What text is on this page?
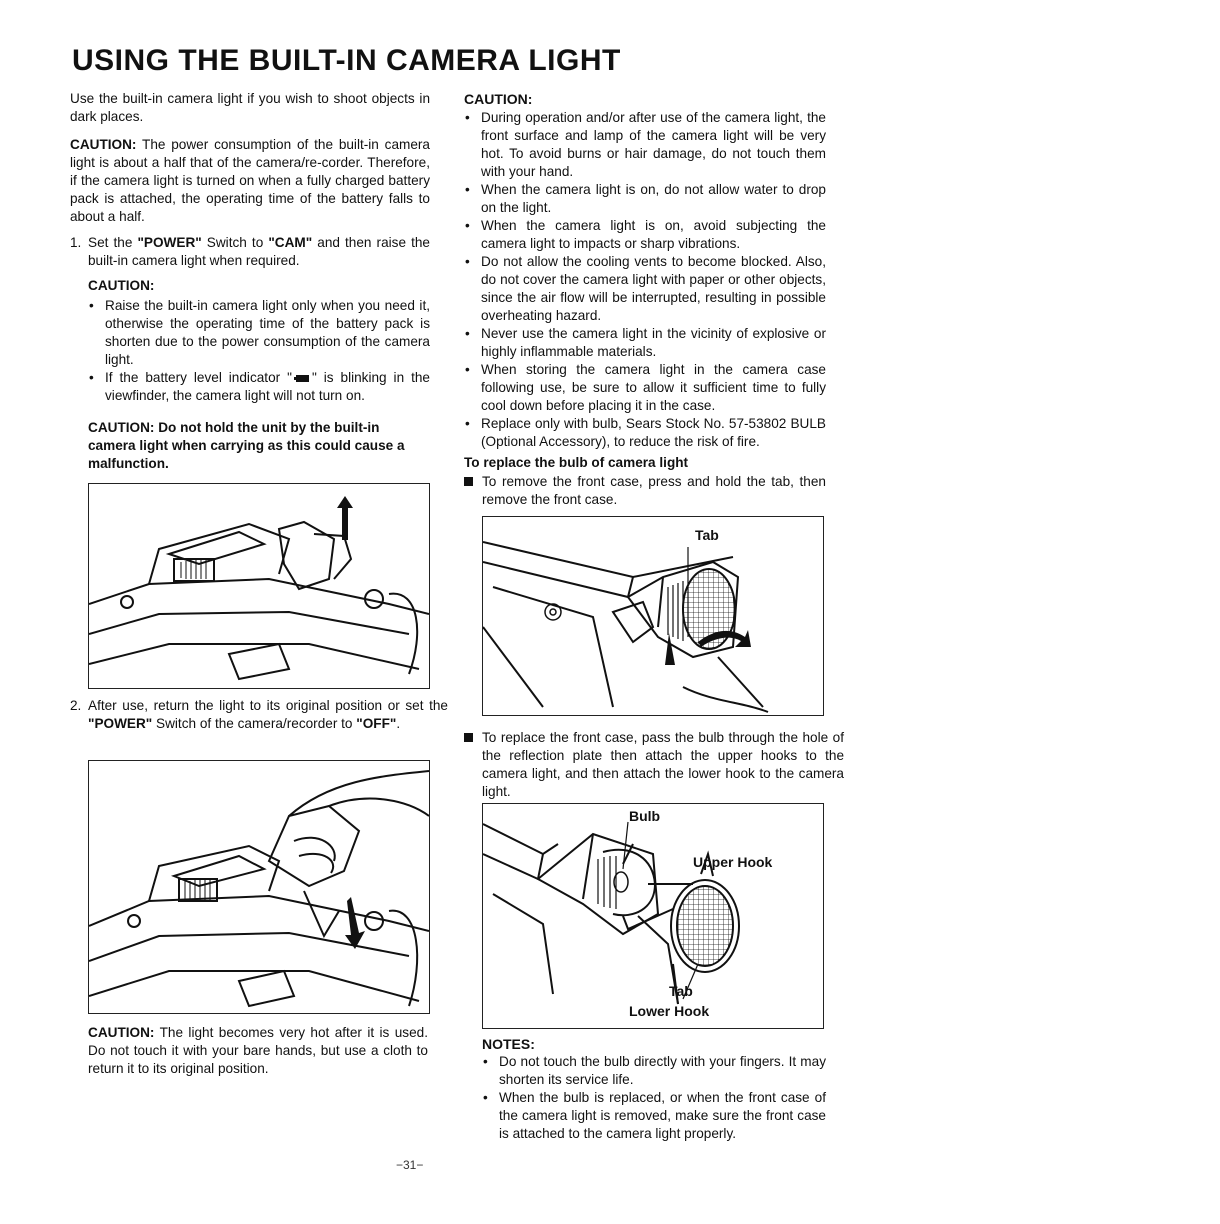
USING THE BUILT-IN CAMERA LIGHT

Use the built-in camera light if you wish to shoot objects in dark places.

CAUTION: The power consumption of the built-in camera light is about a half that of the camera/re-corder. Therefore, if the camera light is turned on when a fully charged battery pack is attached, the operating time of the battery falls to about a half.

1. Set the "POWER" Switch to "CAM" and then raise the built-in camera light when required.
CAUTION:
• Raise the built-in camera light only when you need it, otherwise the operating time of the battery pack is shorten due to the power consumption of the camera light.
• If the battery level indicator " " is blinking in the viewfinder, the camera light will not turn on.
CAUTION: Do not hold the unit by the built-in camera light when carrying as this could cause a malfunction.
2. After use, return the light to its original position or set the "POWER" Switch of the camera/recorder to "OFF".

CAUTION: The light becomes very hot after it is used. Do not touch it with your bare hands, but use a cloth to return it to its original position.

CAUTION:
• During operation and/or after use of the camera light, the front surface and lamp of the camera light will be very hot. To avoid burns or hair damage, do not touch them with your hand.
• When the camera light is on, do not allow water to drop on the light.
• When the camera light is on, avoid subjecting the camera light to impacts or sharp vibrations.
• Do not allow the cooling vents to become blocked. Also, do not cover the camera light with paper or other objects, since the air flow will be interrupted, resulting in possible overheating hazard.
• Never use the camera light in the vicinity of explosive or highly inflammable materials.
• When storing the camera light in the camera case following use, be sure to allow it sufficient time to fully cool down before placing it in the case.
• Replace only with bulb, Sears Stock No. 57-53802 BULB (Optional Accessory), to reduce the risk of fire.
To replace the bulb of camera light
To remove the front case, press and hold the tab, then remove the front case.
Tab
To replace the front case, pass the bulb through the hole of the reflection plate then attach the upper hooks to the camera light, and then attach the lower hook to the camera light.
Bulb
Upper Hook
Tab
Lower Hook
NOTES:
• Do not touch the bulb directly with your fingers. It may shorten its service life.
• When the bulb is replaced, or when the front case of the camera light is removed, make sure the front case is attached to the camera light properly.
−31−
